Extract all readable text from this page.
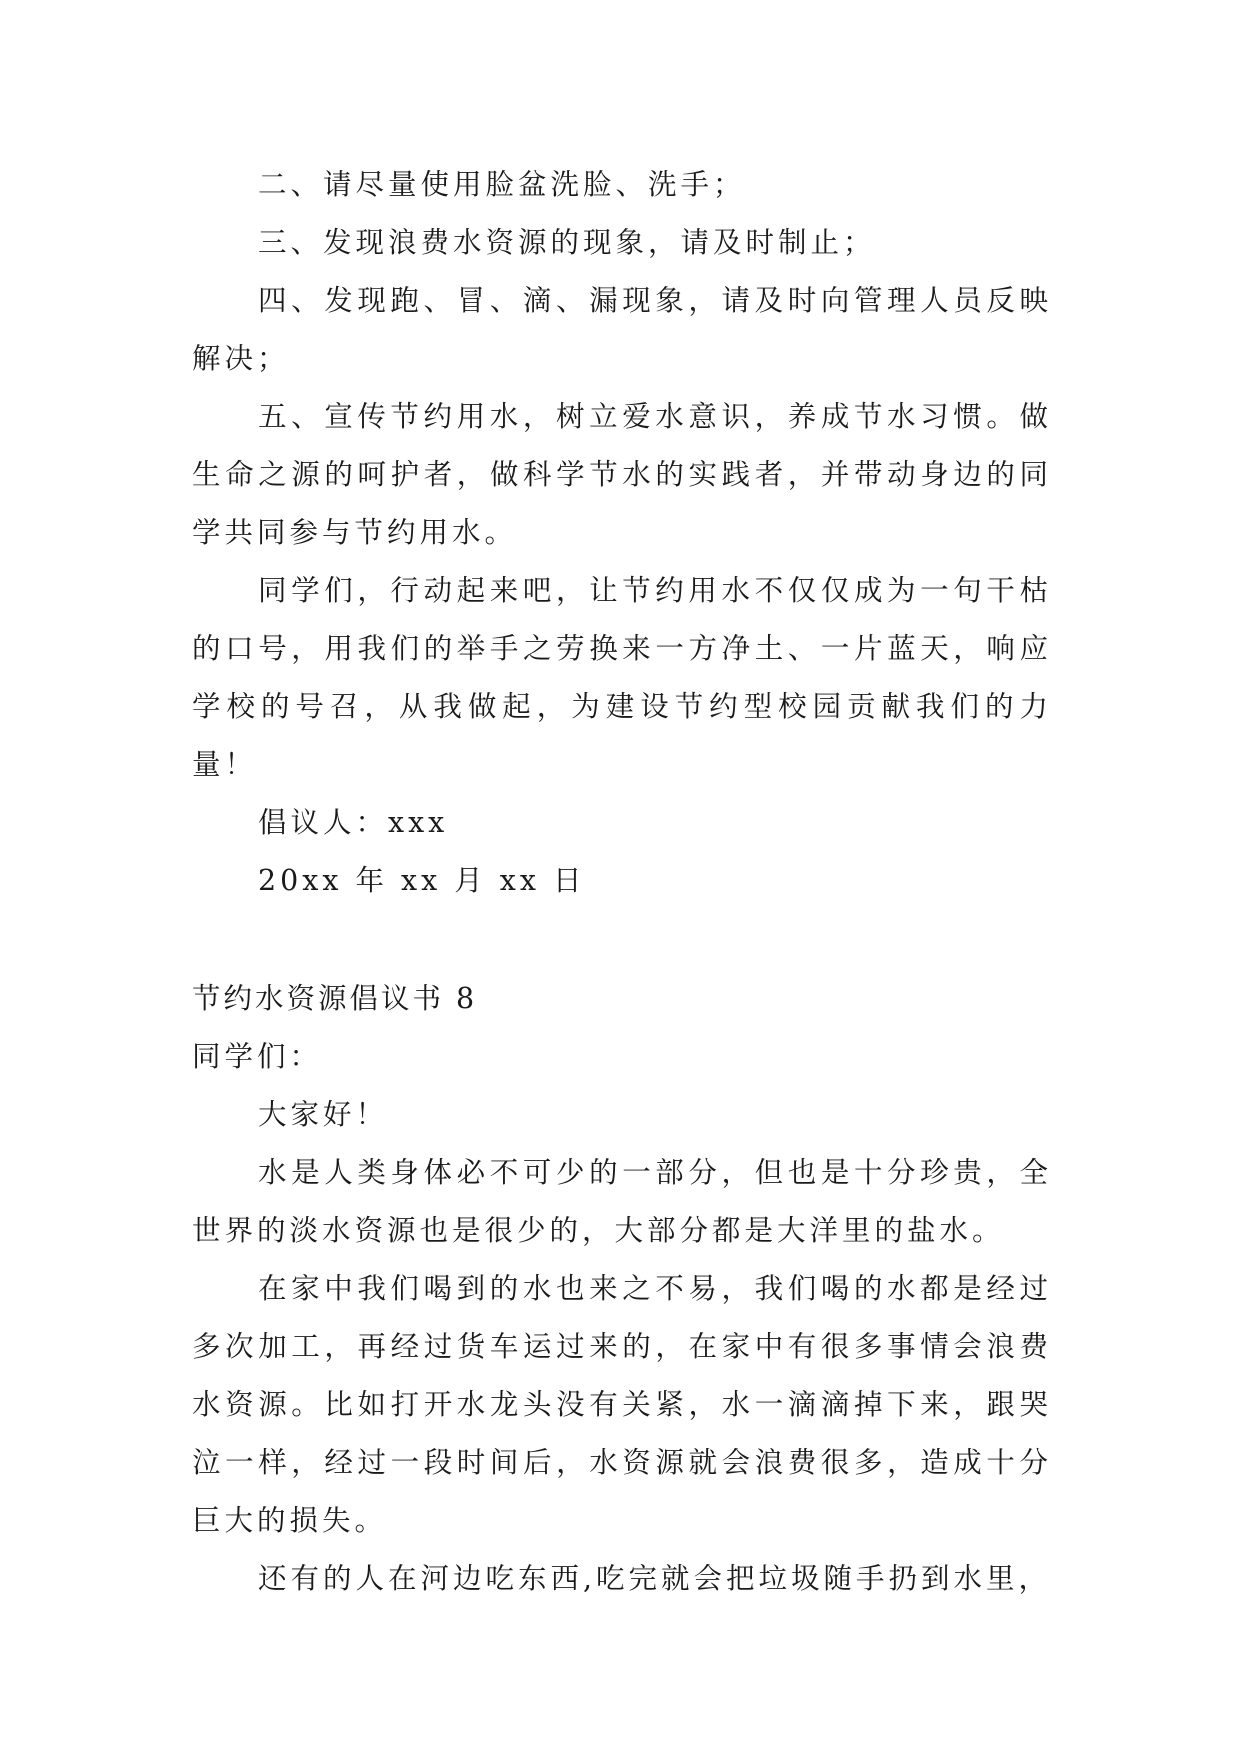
二、请尽量使用脸盆洗脸、洗手；

三、发现浪费水资源的现象，请及时制止；

四、发现跑、冒、滴、漏现象，请及时向管理人员反映解决；

五、宣传节约用水，树立爱水意识，养成节水习惯。做生命之源的呵护者，做科学节水的实践者，并带动身边的同学共同参与节约用水。

同学们，行动起来吧，让节约用水不仅仅成为一句干枯的口号，用我们的举手之劳换来一方净土、一片蓝天，响应学校的号召，从我做起，为建设节约型校园贡献我们的力量！

倡议人：xxx

20xx 年 xx 月 xx 日

节约水资源倡议书 8

同学们：

大家好！

水是人类身体必不可少的一部分，但也是十分珍贵，全世界的淡水资源也是很少的，大部分都是大洋里的盐水。

在家中我们喝到的水也来之不易，我们喝的水都是经过多次加工，再经过货车运过来的，在家中有很多事情会浪费水资源。比如打开水龙头没有关紧，水一滴滴掉下来，跟哭泣一样，经过一段时间后，水资源就会浪费很多，造成十分巨大的损失。

还有的人在河边吃东西,吃完就会把垃圾随手扔到水里，
